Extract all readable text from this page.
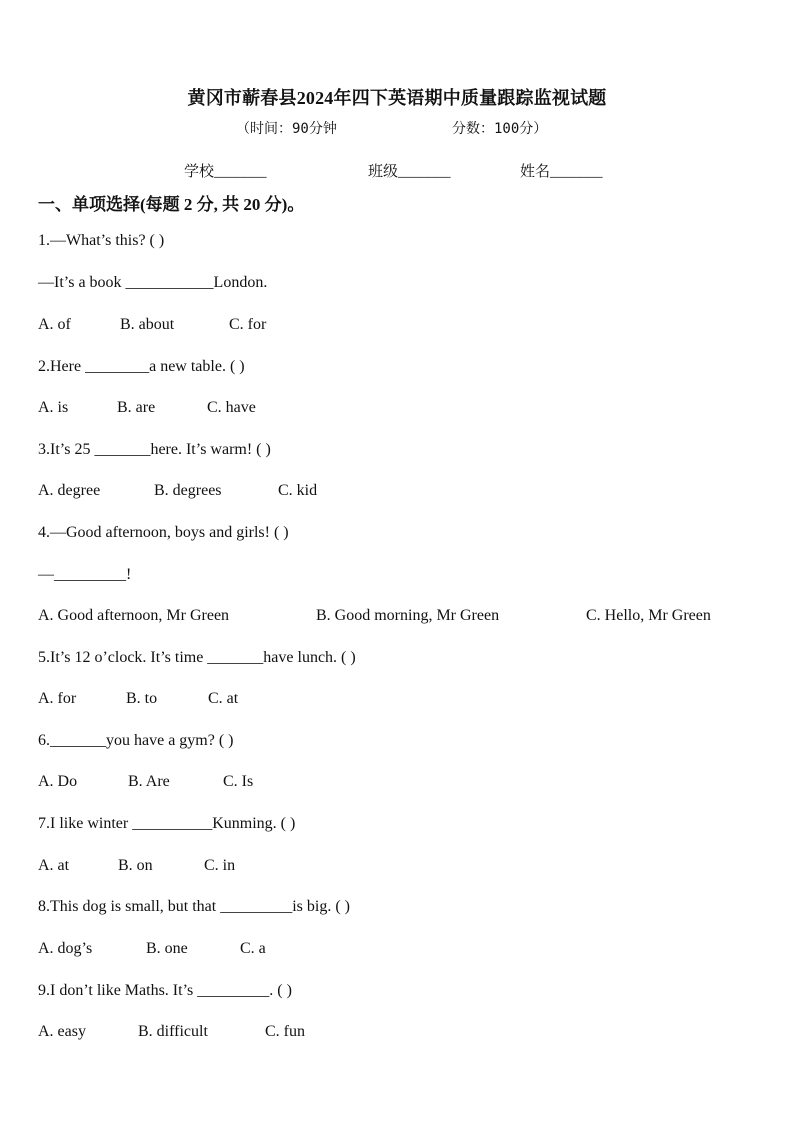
黄冈市蕲春县2024年四下英语期中质量跟踪监视试题
（时间：90分钟	分数：100分）
学校_______	班级_______	姓名_______
一、单项选择(每题 2 分, 共 20 分)。
1.—What’s this? ( )
—It’s a book ___________London.
A. of	B. about	C. for
2.Here ________a new table. ( )
A. is	B. are	C. have
3.It’s 25 _______here. It’s warm! ( )
A. degree	B. degrees	C. kid
4.—Good afternoon, boys and girls! ( )
—_________!
A. Good afternoon, Mr Green	B. Good morning, Mr Green	C. Hello, Mr Green
5.It’s 12 o’clock. It’s time _______have lunch. ( )
A. for	B. to	C. at
6._______you have a gym? ( )
A. Do	B. Are	C. Is
7.I like winter __________Kunming. ( )
A. at	B. on	C. in
8.This dog is small, but that _________is big. ( )
A. dog’s	B. one	C. a
9.I don’t like Maths. It’s _________. ( )
A. easy	B. difficult	C. fun
